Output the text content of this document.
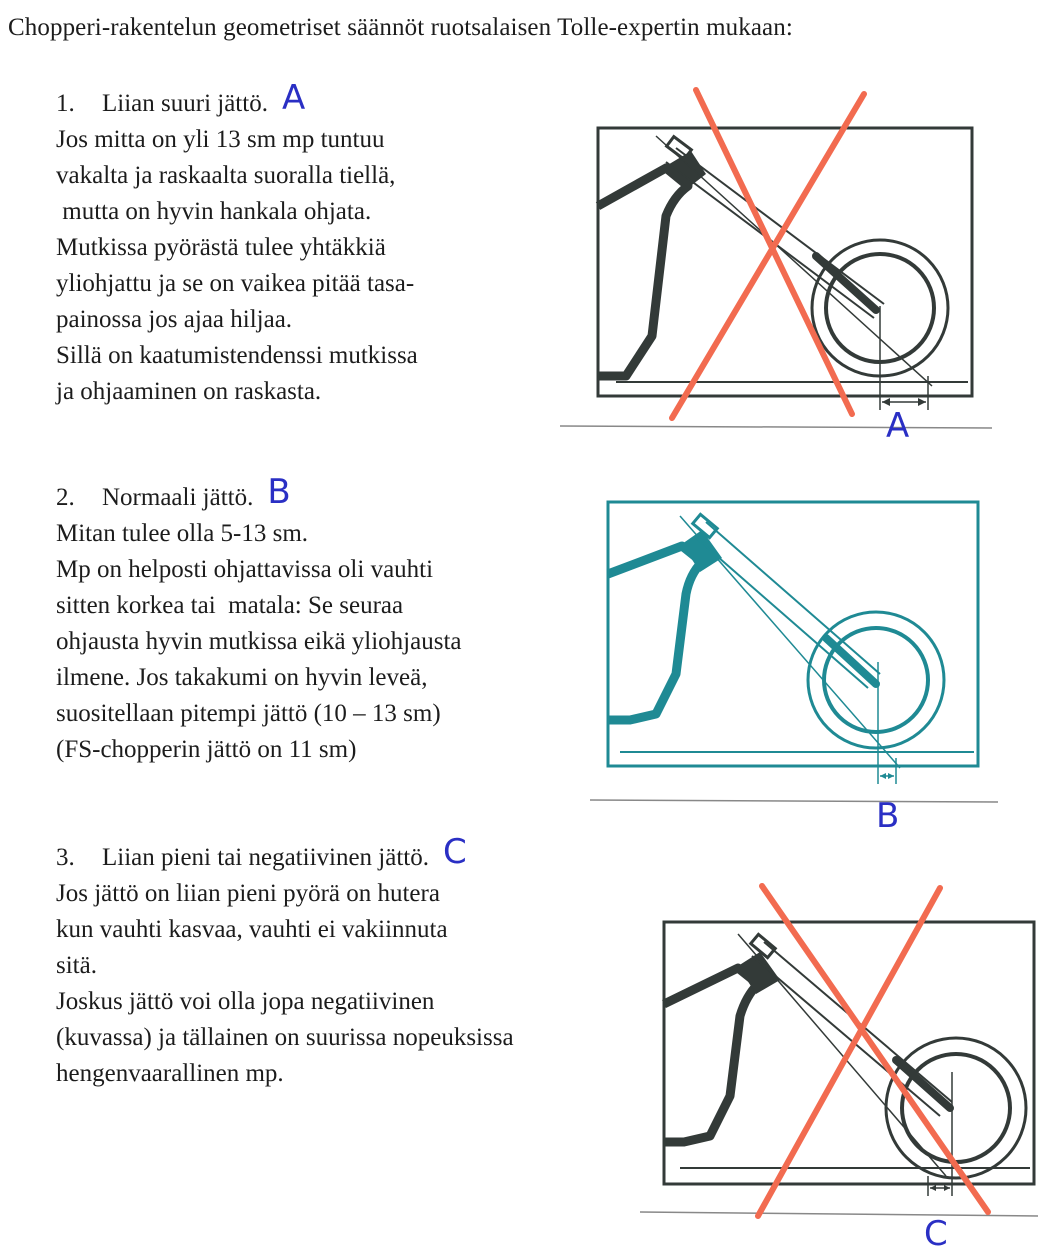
Chopperi-rakentelun geometriset säännöt ruotsalaisen Tolle-expertin mukaan:
1. Liian suuri jättö. A
Jos mitta on yli 13 sm mp tuntuu
vakalta ja raskaalta suoralla tiellä,
mutta on hyvin hankala ohjata.
Mutkissa pyörästä tulee yhtäkkiä
yliohjattu ja se on vaikea pitää tasa-
painossa jos ajaa hiljaa.
Sillä on kaatumistendenssi mutkissa
ja ohjaaminen on raskasta.
2. Normaali jättö. B
Mitan tulee olla 5-13 sm.
Mp on helposti ohjattavissa oli vauhti
sitten korkea tai  matala: Se seuraa
ohjausta hyvin mutkissa eikä yliohjausta
ilmene. Jos takakumi on hyvin leveä,
suositellaan pitempi jättö (10 – 13 sm)
(FS-chopperin jättö on 11 sm)
3. Liian pieni tai negatiivinen jättö. C
Jos jättö on liian pieni pyörä on hutera
kun vauhti kasvaa, vauhti ei vakiinnuta
sitä.
Joskus jättö voi olla jopa negatiivinen
(kuvassa) ja tällainen on suurissa nopeuksissa
hengenvaarallinen mp.
A
B
C
